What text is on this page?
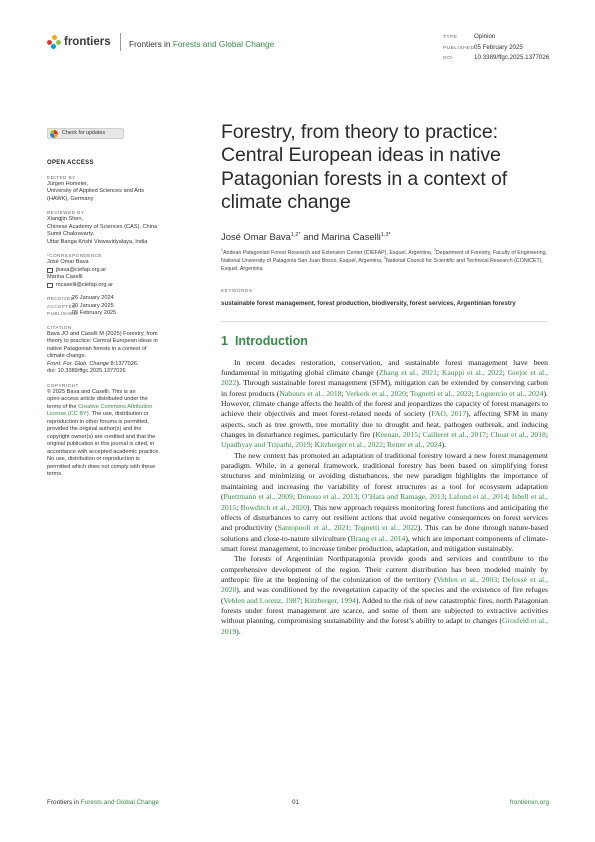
frontiers Frontiers in Forests and Global Change
TYPE	Opinion
PUBLISHED 05 February 2025
DOI	10.3389/ffgc.2025.1377026
Check for updates
OPEN ACCESS
EDITED BY

Jürgen Homeier,

University of Applied Sciences and Arts

(HAWK), Germany

REVIEWED BY

Xiangjin Shen,

Chinese Academy of Sciences (CAS), China

Sumit Chakravarty,

Uttar Banga Krishi Viswavidyalaya, India

*CORRESPONDENCE

José Omar Bava

jbava@ciefap.org.ar

Marina Caselli

mcaselli@ciefap.org.ar
RECEIVED
26 January 2024
ACCEPTED
20 January 2025
PUBLISHED
05 February 2025
CITATION

Bava JO and Caselli M (2025) Forestry, from

theory to practice: Central European ideas in

native Patagonian forests in a context of

climate change.

Front. For. Glob. Change 8:1377026.

doi: 10.3389/ffgc.2025.1377026

COPYRIGHT

© 2025 Bava and Caselli. This is an

open-access article distributed under the

terms of the Creative Commons Attribution

License (CC BY). The use, distribution or

reproduction in other forums is permitted,

provided the original author(s) and the

copyright owner(s) are credited and that the

original publication in this journal is cited, in

accordance with accepted academic practice.

No use, distribution or reproduction is

permitted which does not comply with these

terms.

Forestry, from theory to practice: Central European ideas in native Patagonian forests in a context of climate change
José Omar Bava$^{1,2*}$ and Marina Caselli$^{1,3*}$
$^1$Andean Patagonian Forest Research and Extension Center (CIEFAP), Esquel, Argentina, $^2$Department of Forestry, Faculty of Engineering, National University of Patagonia San Juan Bosco, Esquel, Argentina, $^3$National Council for Scientific and Technical Research (CONICET), Esquel, Argentina
KEYWORDS
sustainable forest management, forest production, biodiversity, forest services, Argentinian forestry
1 Introduction

In recent decades restoration, conservation, and sustainable forest management have been fundamental in mitigating global climate change (Zhang et al., 2021; Kauppi et al., 2022; Grejor et al., 2022). Through sustainable forest management (SFM), mitigation can be extended by conserving carbon in forest products (Nabuurs et al., 2018; Verkerk et al., 2020; Tognetti et al., 2022; Loguercio et al., 2024). However, climate change affects the health of the forest and jeopardizes the capacity of forest managers to achieve their objectives and meet forest-related needs of society (FAO, 2017), affecting SFM in many aspects, such as tree growth, tree mortality due to drought and heat, pathogen outbreak, and inducing changes in disturbance regimes, particularly fire (Keenan, 2015; Cailleret et al., 2017; Choat et al., 2018; Upadhyay and Tripathi, 2019; Kitzberger et al., 2022; Reiter et al., 2024).

The new context has promoted an adaptation of traditional forestry toward a new forest management paradigm. While, in a general framework, traditional forestry has been based on simplifying forest structures and minimizing or avoiding disturbances, the new paradigm highlights the importance of maintaining and increasing the variability of forest structures as a tool for ecosystem adaptation (Puettmann et al., 2009; Donoso et al., 2013; O’Hara and Ramage, 2013; Lafond et al., 2014; Isbell et al., 2015; Bowditch et al., 2020). This new approach requires monitoring forest functions and anticipating the effects of disturbances to carry out resilient actions that avoid negative consequences on forest services and productivity (Santopuoli et al., 2021; Tognetti et al., 2022). This can be done through nature-based solutions and close-to-nature silviculture (Brang et al., 2014), which are important components of climate-smart forest management, to increase timber production, adaptation, and mitigation sustainably.

The forests of Argentinian Northpatagonia provide goods and services and contribute to the comprehensive development of the region. Their current distribution has been modeled mainly by anthropic fire at the beginning of the colonization of the territory (Veblen et al., 2003; Defossé et al., 2020), and was conditioned by the revegetation capacity of the species and the existence of fire refuges (Veblen and Lorenz, 1987; Kitzberger, 1994). Added to the risk of new catastrophic fires, north Patagonian forests under forest management are scarce, and some of them are subjected to extractive activities without planning, compromising sustainability and the forest’s ability to adapt to changes (Grosfeld et al., 2019).

Frontiers in Forests and Global Change	01	frontiersin.org
